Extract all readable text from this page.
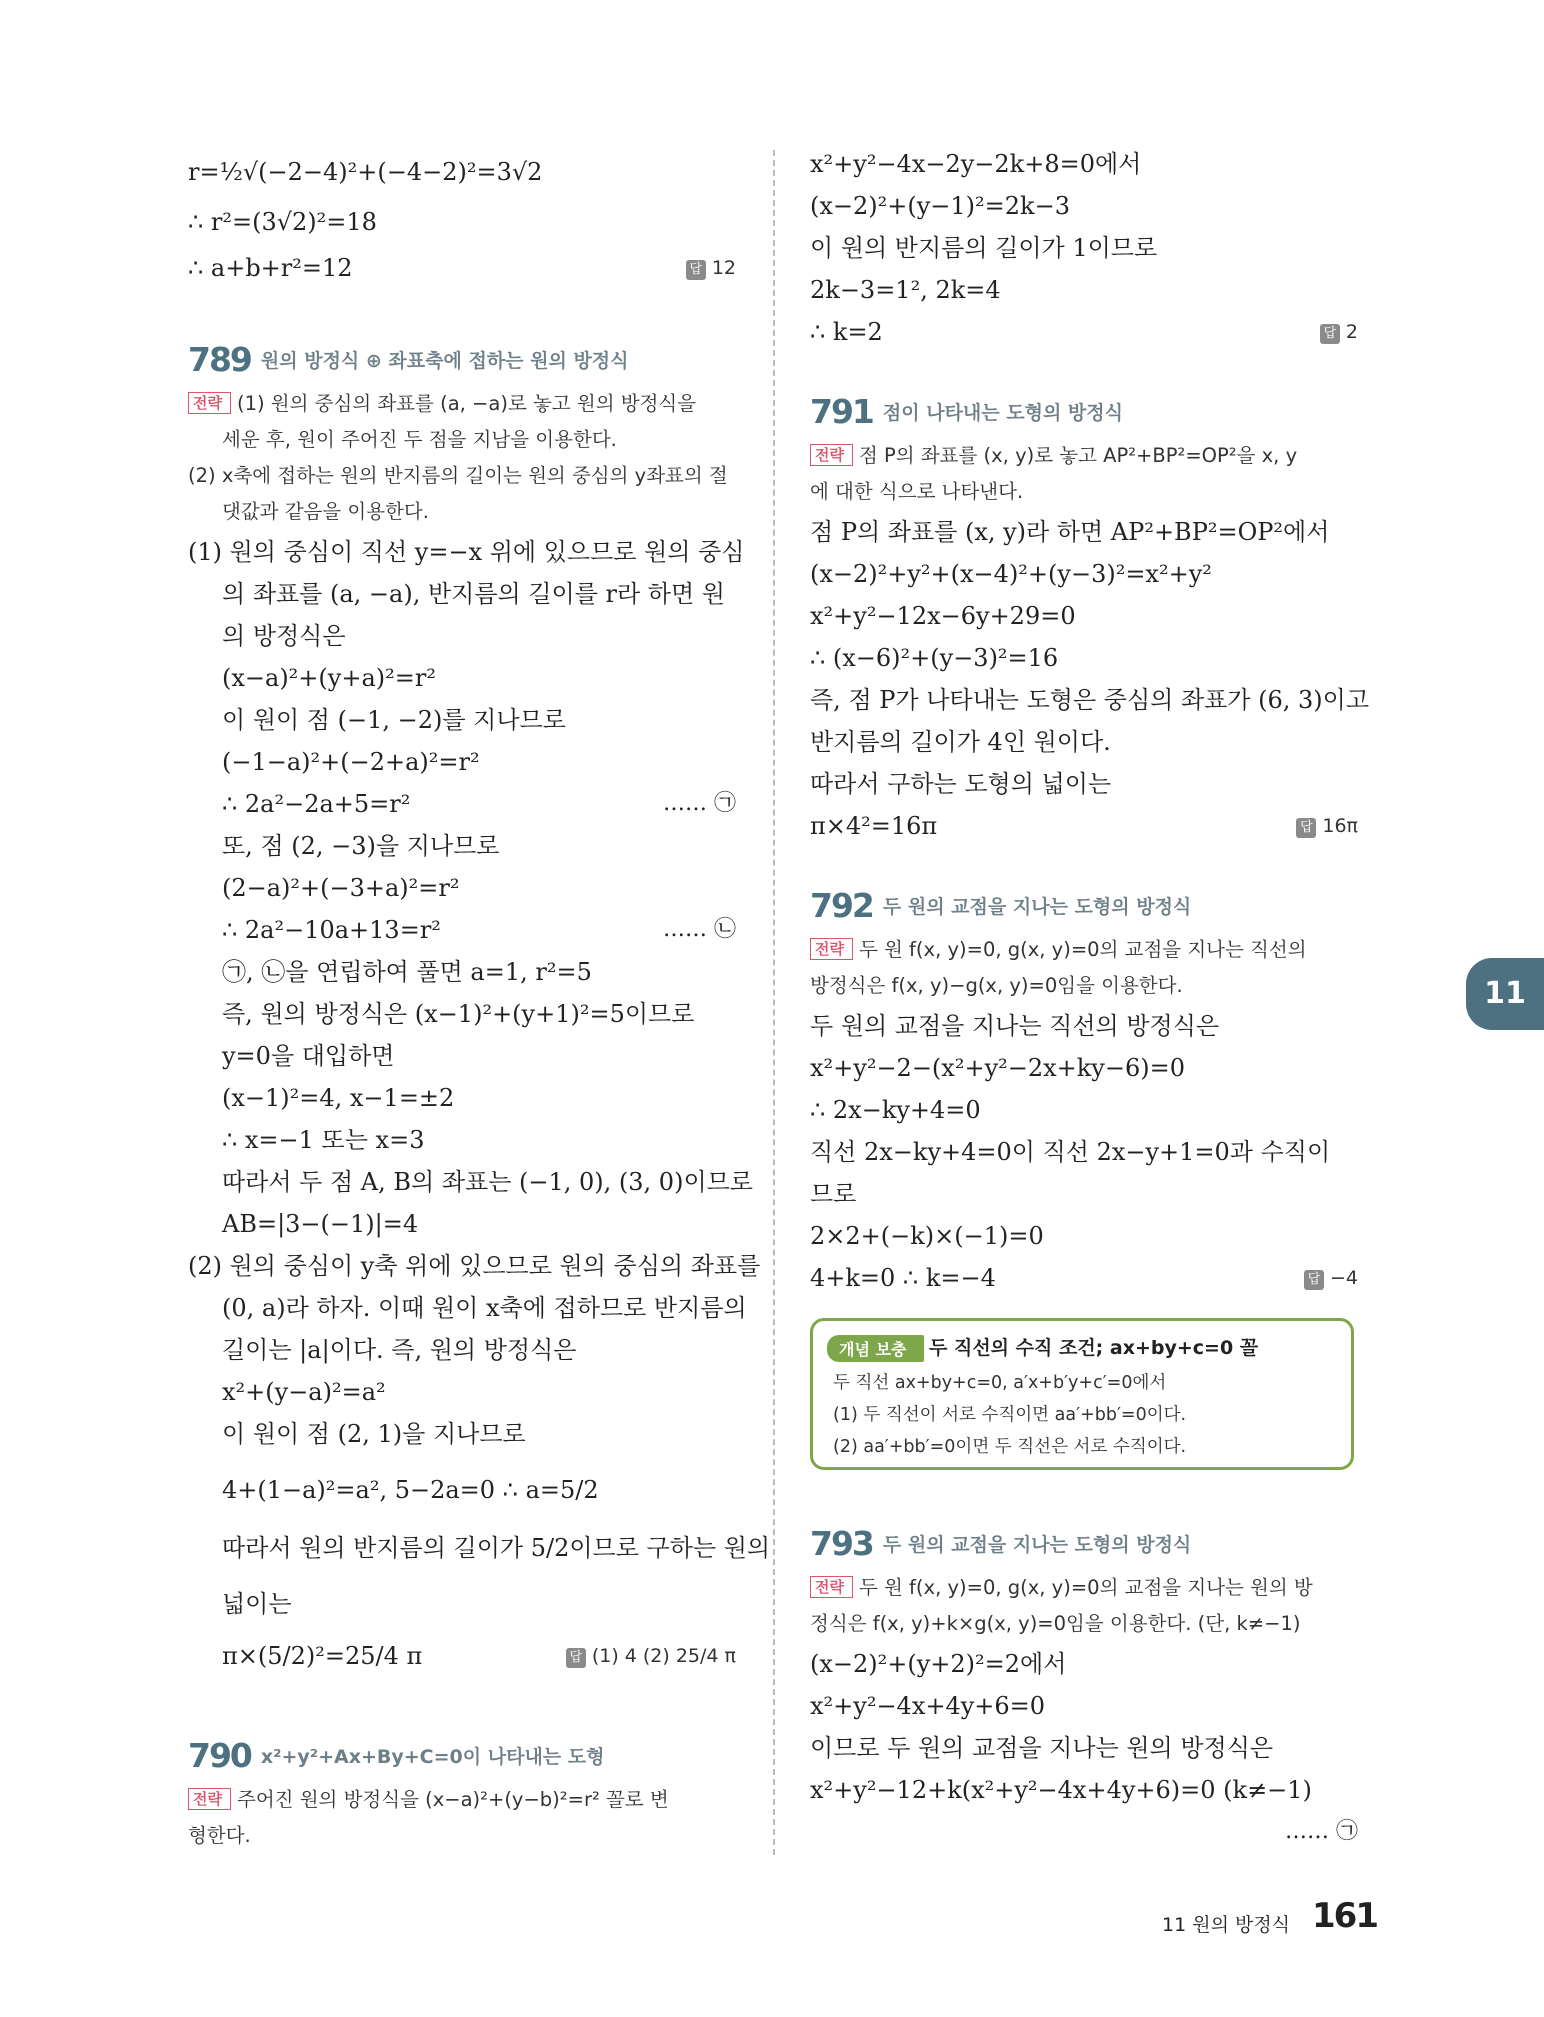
r=½√(−2−4)²+(−4−2)²=3√2
∴ r²=(3√2)²=18
∴ a+b+r²=12	답 12
789 원의 방정식 ⊕ 좌표축에 접하는 원의 방정식
전략 (1) 원의 중심의 좌표를 (a, −a)로 놓고 원의 방정식을
세운 후, 원이 주어진 두 점을 지남을 이용한다.
(2) x축에 접하는 원의 반지름의 길이는 원의 중심의 y좌표의 절
댓값과 같음을 이용한다.
(1) 원의 중심이 직선 y=−x 위에 있으므로 원의 중심
의 좌표를 (a, −a), 반지름의 길이를 r라 하면 원
의 방정식은
(x−a)²+(y+a)²=r²
이 원이 점 (−1, −2)를 지나므로
(−1−a)²+(−2+a)²=r²
∴ 2a²−2a+5=r²	…… ㉠
또, 점 (2, −3)을 지나므로
(2−a)²+(−3+a)²=r²
∴ 2a²−10a+13=r²	…… ㉡
㉠, ㉡을 연립하여 풀면 a=1, r²=5
즉, 원의 방정식은 (x−1)²+(y+1)²=5이므로
y=0을 대입하면
(x−1)²=4, x−1=±2
∴ x=−1 또는 x=3
따라서 두 점 A, B의 좌표는 (−1, 0), (3, 0)이므로
AB=|3−(−1)|=4
(2) 원의 중심이 y축 위에 있으므로 원의 중심의 좌표를
(0, a)라 하자. 이때 원이 x축에 접하므로 반지름의
길이는 |a|이다. 즉, 원의 방정식은
x²+(y−a)²=a²
이 원이 점 (2, 1)을 지나므로
4+(1−a)²=a², 5−2a=0 ∴ a=5/2
따라서 원의 반지름의 길이가 5/2이므로 구하는 원의
넓이는
π×(5/2)²=25/4 π	답 (1) 4 (2) 25/4 π
790 x²+y²+Ax+By+C=0이 나타내는 도형
전략 주어진 원의 방정식을 (x−a)²+(y−b)²=r² 꼴로 변
형한다.
x²+y²−4x−2y−2k+8=0에서
(x−2)²+(y−1)²=2k−3
이 원의 반지름의 길이가 1이므로
2k−3=1², 2k=4
∴ k=2	답 2
791 점이 나타내는 도형의 방정식
전략 점 P의 좌표를 (x, y)로 놓고 AP²+BP²=OP²을 x, y
에 대한 식으로 나타낸다.
점 P의 좌표를 (x, y)라 하면 AP²+BP²=OP²에서
(x−2)²+y²+(x−4)²+(y−3)²=x²+y²
x²+y²−12x−6y+29=0
∴ (x−6)²+(y−3)²=16
즉, 점 P가 나타내는 도형은 중심의 좌표가 (6, 3)이고
반지름의 길이가 4인 원이다.
따라서 구하는 도형의 넓이는
π×4²=16π	답 16π
792 두 원의 교점을 지나는 도형의 방정식
전략 두 원 f(x, y)=0, g(x, y)=0의 교점을 지나는 직선의
방정식은 f(x, y)−g(x, y)=0임을 이용한다.
두 원의 교점을 지나는 직선의 방정식은
x²+y²−2−(x²+y²−2x+ky−6)=0
∴ 2x−ky+4=0
직선 2x−ky+4=0이 직선 2x−y+1=0과 수직이
므로
2×2+(−k)×(−1)=0
4+k=0 ∴ k=−4	답 −4
793 두 원의 교점을 지나는 도형의 방정식
전략 두 원 f(x, y)=0, g(x, y)=0의 교점을 지나는 원의 방
정식은 f(x, y)+k×g(x, y)=0임을 이용한다. (단, k≠−1)
(x−2)²+(y+2)²=2에서
x²+y²−4x+4y+6=0
이므로 두 원의 교점을 지나는 원의 방정식은
x²+y²−12+k(x²+y²−4x+4y+6)=0 (k≠−1)
…… ㉠
개념 보충	두 직선의 수직 조건; ax+by+c=0 꼴
두 직선 ax+by+c=0, a′x+b′y+c′=0에서
(1) 두 직선이 서로 수직이면 aa′+bb′=0이다.
(2) aa′+bb′=0이면 두 직선은 서로 수직이다.
11
11 원의 방정식 161
